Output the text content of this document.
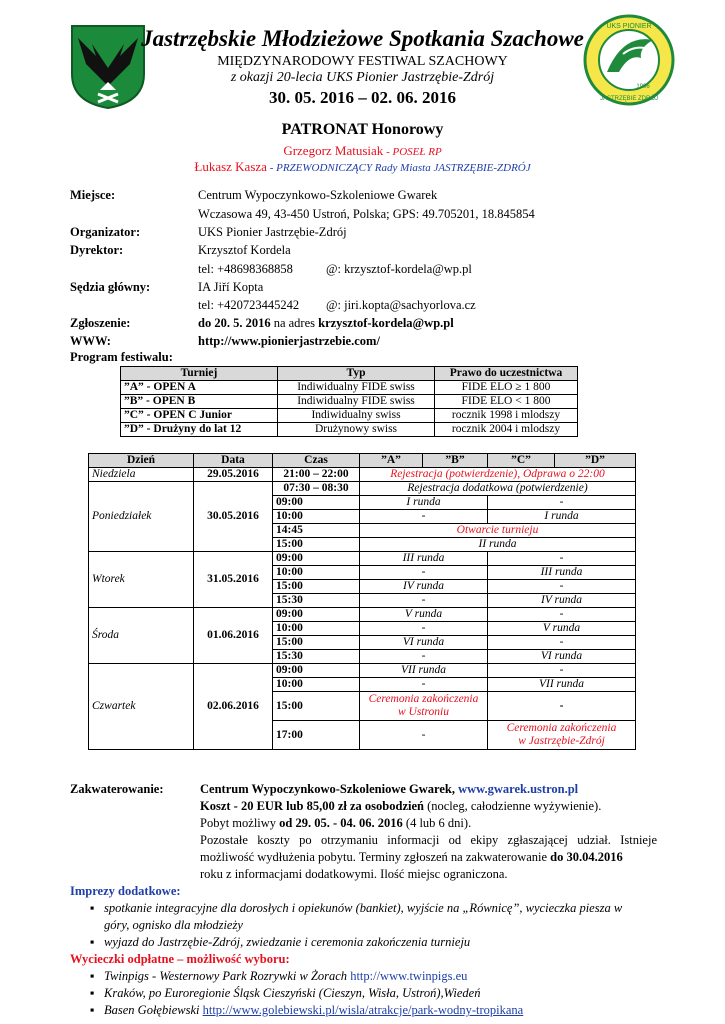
UKS PIONIER
JASTRZĘBIE ZDRÓJ
1996
Jastrzębskie Młodzieżowe Spotkania Szachowe
MIĘDZYNARODOWY FESTIWAL SZACHOWY
z okazji 20-lecia UKS Pionier Jastrzębie-Zdrój
30. 05. 2016 – 02. 06. 2016
PATRONAT Honorowy
Grzegorz Matusiak - POSEŁ RP
Łukasz Kasza - PRZEWODNICZĄCY Rady Miasta JASTRZĘBIE-ZDRÓJ
Miejsce:	Centrum Wypoczynkowo-Szkoleniowe Gwarek
Wczasowa 49, 43-450 Ustroń, Polska; GPS: 49.705201, 18.845854
Organizator:	UKS Pionier Jastrzębie-Zdrój
Dyrektor:	Krzysztof Kordela
tel: +48698368858	@: krzysztof-kordela@wp.pl
Sędzia główny:	IA Jiří Kopta
tel: +420723445242 @: jiri.kopta@sachyorlova.cz
Zgłoszenie:	do 20. 5. 2016 na adres krzysztof-kordela@wp.pl
WWW:	http://www.pionierjastrzebie.com/
Program festiwalu:
Turniej	Typ	Prawo do uczestnictwa
”A” - OPEN A	Indiwidualny FIDE swiss	FIDE ELO ≥ 1 800
”B” - OPEN B	Indiwidualny FIDE swiss	FIDE ELO < 1 800
”C” - OPEN C Junior	Indiwidualny swiss	rocznik 1998 i mlodszy
”D” - Drużyny do lat 12	Drużynowy swiss	rocznik 2004 i mlodszy
Dzień	Data	Czas	”A”	”B”	”C”	”D”
Niedziela	29.05.2016	21:00 – 22:00	Rejestracja (potwierdzenie), Odprawa o 22:00			
Poniedziałek	30.05.2016	07:30 – 08:30	Rejestracja dodatkowa (potwierdzenie)			
		09:00	I runda		-	
		10:00	-		I runda	
		14:45	Otwarcie turnieju			
		15:00	II runda			
Wtorek	31.05.2016	09:00	III runda		-	
		10:00	-		III runda	
		15:00	IV runda		-	
		15:30	-		IV runda	
Środa	01.06.2016	09:00	V runda		-	
		10:00	-		V runda	
		15:00	VI runda		-	
		15:30	-		VI runda	
Czwartek	02.06.2016	09:00	VII runda		-	
		10:00	-		VII runda	
		15:00	Ceremonia zakończenia
w Ustroniu		-	
		17:00	-		Ceremonia zakończenia
w Jastrzębie-Zdrój	
Zakwaterowanie:	Centrum Wypoczynkowo-Szkoleniowe Gwarek, www.gwarek.ustron.pl
Koszt - 20 EUR lub 85,00 zł za osobodzień (nocleg, całodzienne wyżywienie).
Pobyt możliwy od 29. 05. - 04. 06. 2016 (4 lub 6 dni).
Pozostałe koszty po otrzymaniu informacji od ekipy zgłaszającej udział. Istnieje
możliwość wydłużenia pobytu. Terminy zgłoszeń na zakwaterowanie do 30.04.2016
roku z informacjami dodatkowymi. Ilość miejsc ograniczona.
Imprezy dodatkowe:
▪ spotkanie integracyjne dla dorosłych i opiekunów (bankiet), wyjście na „Równicę”, wycieczka piesza w
góry, ognisko dla młodzieży
▪ wyjazd do Jastrzębie-Zdrój, zwiedzanie i ceremonia zakończenia turnieju
Wycieczki odpłatne – możliwość wyboru:
▪ Twinpigs - Westernowy Park Rozrywki w Żorach http://www.twinpigs.eu
▪ Kraków, po Euroregionie Śląsk Cieszyński (Cieszyn, Wisła, Ustroń),Wiedeń
▪ Basen Gołębiewski http://www.golebiewski.pl/wisla/atrakcje/park-wodny-tropikana
